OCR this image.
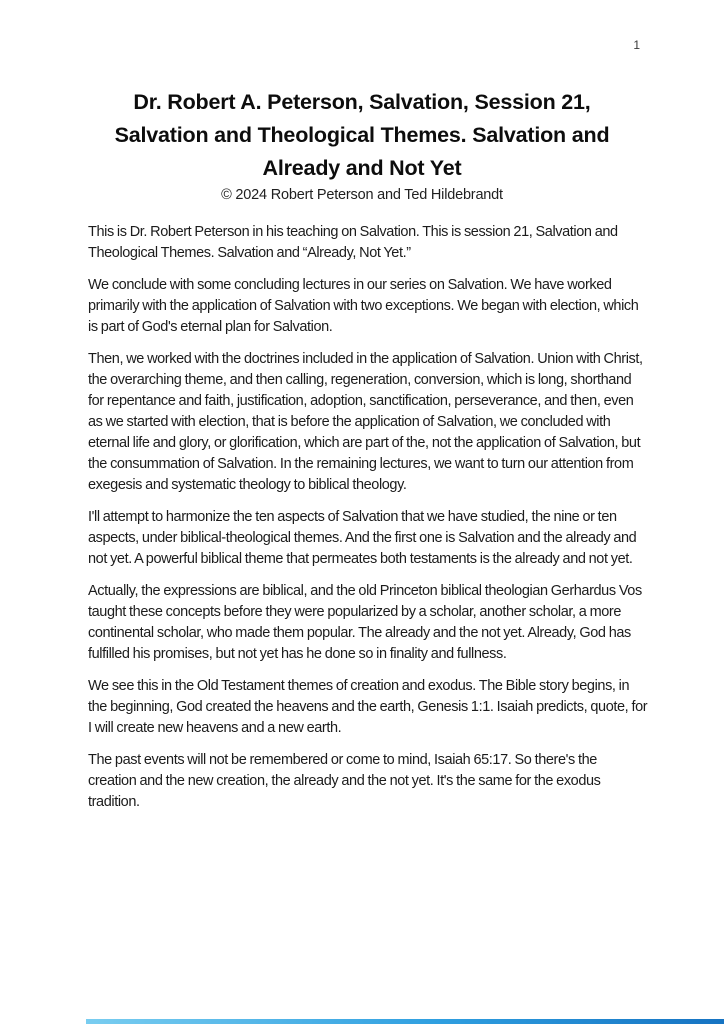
1
Dr. Robert A. Peterson, Salvation, Session 21,
Salvation and Theological Themes. Salvation and
Already and Not Yet
© 2024 Robert Peterson and Ted Hildebrandt

This is Dr. Robert Peterson in his teaching on Salvation. This is session 21, Salvation and Theological Themes. Salvation and “Already, Not Yet.”

We conclude with some concluding lectures in our series on Salvation. We have worked primarily with the application of Salvation with two exceptions. We began with election, which is part of God's eternal plan for Salvation.

Then, we worked with the doctrines included in the application of Salvation. Union with Christ, the overarching theme, and then calling, regeneration, conversion, which is long, shorthand for repentance and faith, justification, adoption, sanctification, perseverance, and then, even as we started with election, that is before the application of Salvation, we concluded with eternal life and glory, or glorification, which are part of the, not the application of Salvation, but the consummation of Salvation. In the remaining lectures, we want to turn our attention from exegesis and systematic theology to biblical theology.

I'll attempt to harmonize the ten aspects of Salvation that we have studied, the nine or ten aspects, under biblical-theological themes. And the first one is Salvation and the already and not yet. A powerful biblical theme that permeates both testaments is the already and not yet.

Actually, the expressions are biblical, and the old Princeton biblical theologian Gerhardus Vos taught these concepts before they were popularized by a scholar, another scholar, a more continental scholar, who made them popular. The already and the not yet. Already, God has fulfilled his promises, but not yet has he done so in finality and fullness.

We see this in the Old Testament themes of creation and exodus. The Bible story begins, in the beginning, God created the heavens and the earth, Genesis 1:1. Isaiah predicts, quote, for I will create new heavens and a new earth.

The past events will not be remembered or come to mind, Isaiah 65:17. So there's the creation and the new creation, the already and the not yet. It's the same for the exodus tradition.
